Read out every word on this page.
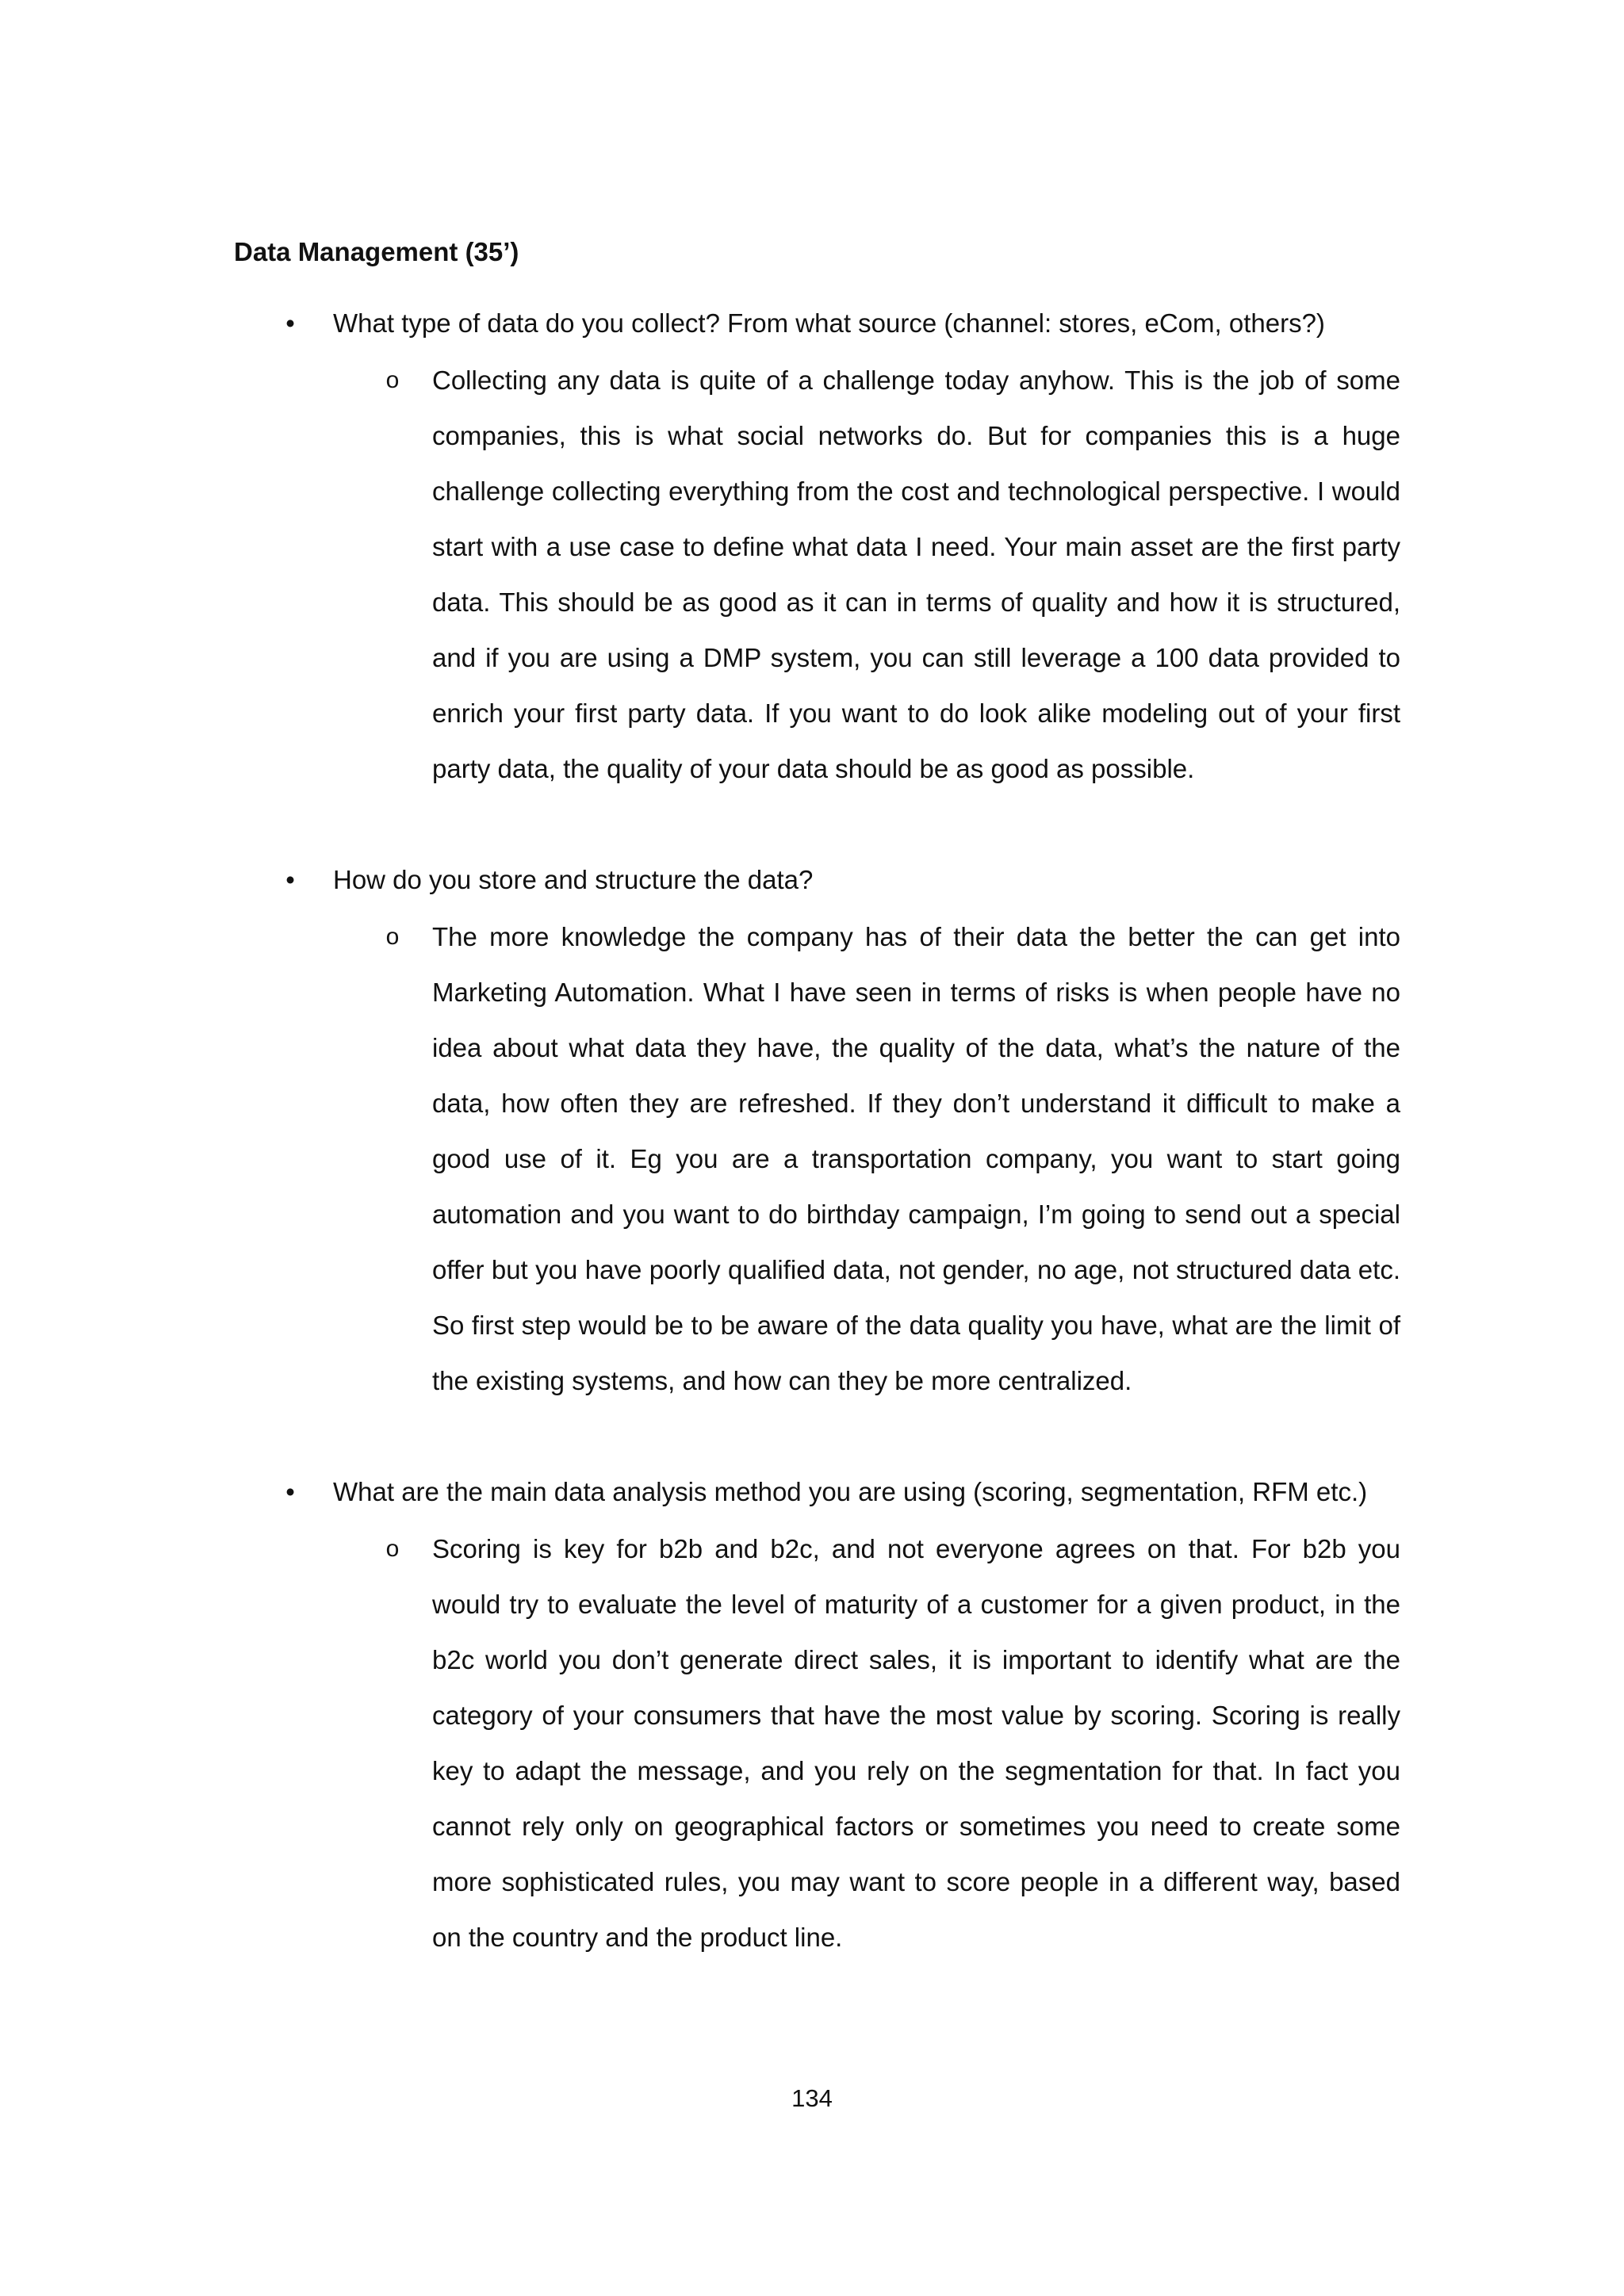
Data Management (35’)
• What type of data do you collect? From what source (channel: stores, eCom, others?)
o Collecting any data is quite of a challenge today anyhow. This is the job of some companies, this is what social networks do. But for companies this is a huge challenge collecting everything from the cost and technological perspective. I would start with a use case to define what data I need. Your main asset are the first party data. This should be as good as it can in terms of quality and how it is structured, and if you are using a DMP system, you can still leverage a 100 data provided to enrich your first party data. If you want to do look alike modeling out of your first party data, the quality of your data should be as good as possible.

• How do you store and structure the data?
o The more knowledge the company has of their data the better the can get into Marketing Automation. What I have seen in terms of risks is when people have no idea about what data they have, the quality of the data, what’s the nature of the data, how often they are refreshed. If they don’t understand it difficult to make a good use of it. Eg you are a transportation company, you want to start going automation and you want to do birthday campaign, I’m going to send out a special offer but you have poorly qualified data, not gender, no age, not structured data etc. So first step would be to be aware of the data quality you have, what are the limit of the existing systems, and how can they be more centralized.

• What are the main data analysis method you are using (scoring, segmentation, RFM etc.)
o Scoring is key for b2b and b2c, and not everyone agrees on that. For b2b you would try to evaluate the level of maturity of a customer for a given product, in the b2c world you don’t generate direct sales, it is important to identify what are the category of your consumers that have the most value by scoring. Scoring is really key to adapt the message, and you rely on the segmentation for that. In fact you cannot rely only on geographical factors or sometimes you need to create some more sophisticated rules, you may want to score people in a different way, based on the country and the product line.

134
